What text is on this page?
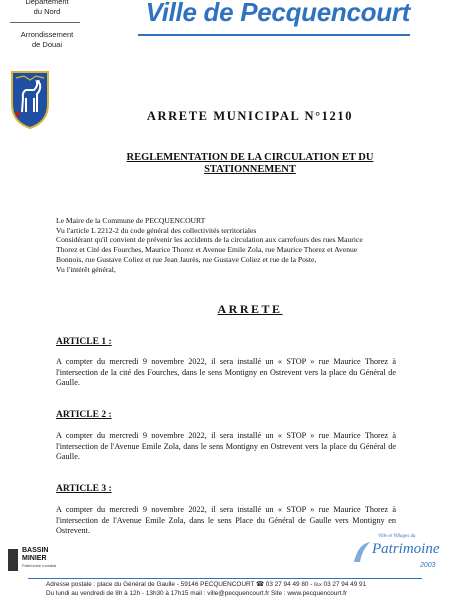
Département
du Nord
Arrondissement
de Douai
Ville de Pecquencourt
ARRETE MUNICIPAL N°1210
REGLEMENTATION DE LA CIRCULATION ET DU
STATIONNEMENT
Le Maire de la Commune de PECQUENCOURT
Vu l'article L 2212-2 du code général des collectivités territoriales
Considérant qu'il convient de prévenir les accidents de la circulation aux carrefours des rues Maurice
Thorez et Cité des Fourches, Maurice Thorez et Avenue Emile Zola, rue Maurice Thorez et Avenue
Bonnois, rue Gustave Coliez et rue Jean Jaurès, rue Gustave Coliez et rue de la Poste,
Vu l'intérêt général,
ARRETE
ARTICLE 1 :
A compter du mercredi 9 novembre 2022, il sera installé un « STOP » rue Maurice Thorez à l'intersection de la cité des Fourches, dans le sens Montigny en Ostrevent vers la place du Général de Gaulle.
ARTICLE 2 :
A compter du mercredi 9 novembre 2022, il sera installé un « STOP » rue Maurice Thorez à l'intersection de l'Avenue Emile Zola, dans le sens Montigny en Ostrevent vers la place du Général de Gaulle.
ARTICLE 3 :
A compter du mercredi 9 novembre 2022, il sera installé un « STOP » rue Maurice Thorez à l'intersection de l'Avenue Emile Zola, dans le sens Place du Général de Gaulle vers Montigny en Ostrevent.
BASSIN
MINIER
Patrimoine mondial
Ville et Villages du
Patrimoine
2003
Adresse postale : place du Général de Gaulle - 59146 PECQUENCOURT ☎ 03 27 94 49 80 - ℻ 03 27 94 49 91
Du lundi au vendredi de 8h à 12h - 13h30 à 17h15 mail : ville@pecquencourt.fr Site : www.pecquencourt.fr
